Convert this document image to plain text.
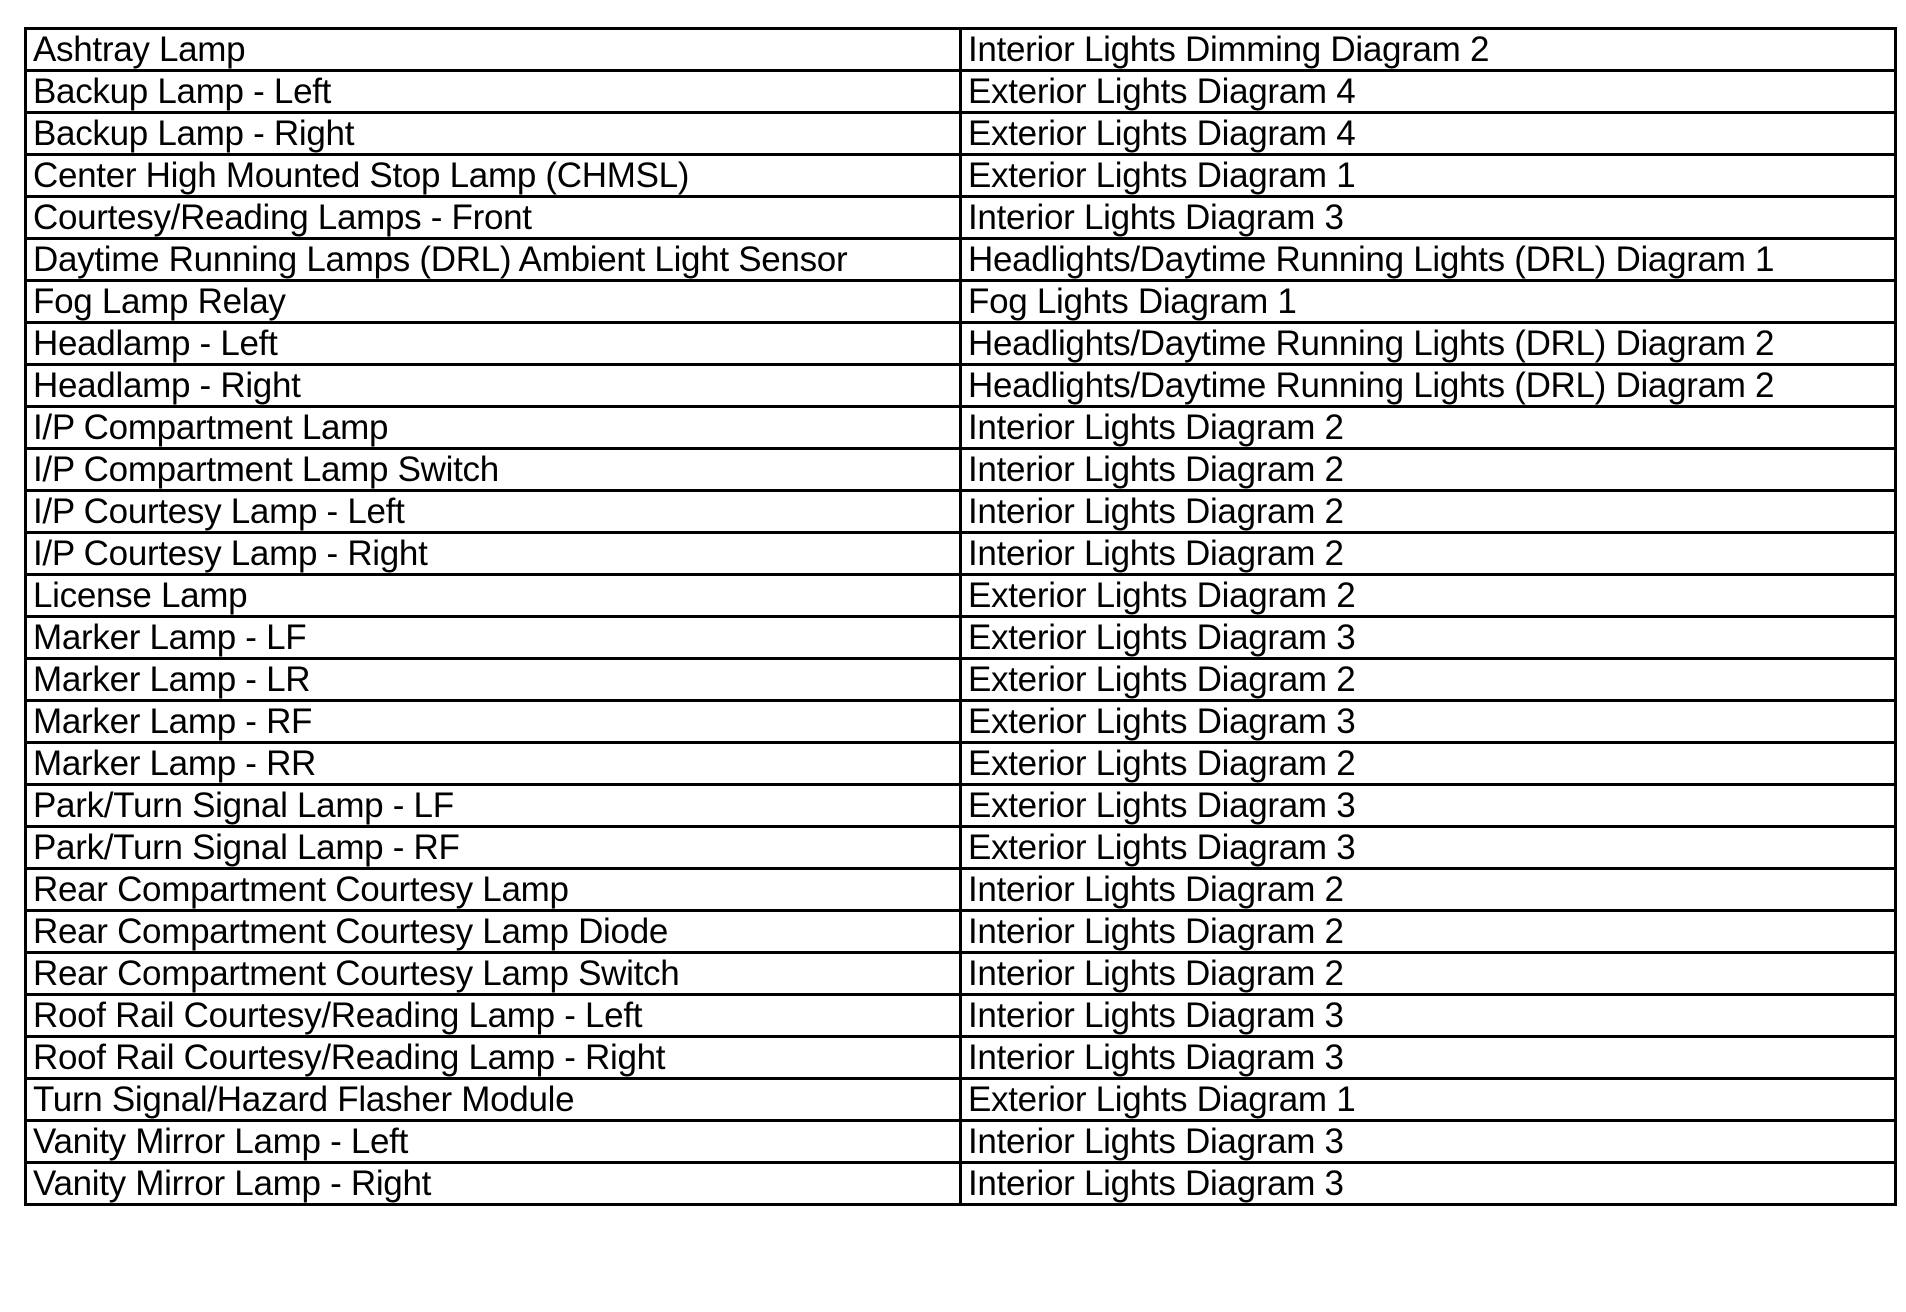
Ashtray Lamp	Interior Lights Dimming Diagram 2
Backup Lamp - Left	Exterior Lights Diagram 4
Backup Lamp - Right	Exterior Lights Diagram 4
Center High Mounted Stop Lamp (CHMSL)	Exterior Lights Diagram 1
Courtesy/Reading Lamps - Front	Interior Lights Diagram 3
Daytime Running Lamps (DRL) Ambient Light Sensor	Headlights/Daytime Running Lights (DRL) Diagram 1
Fog Lamp Relay	Fog Lights Diagram 1
Headlamp - Left	Headlights/Daytime Running Lights (DRL) Diagram 2
Headlamp - Right	Headlights/Daytime Running Lights (DRL) Diagram 2
I/P Compartment Lamp	Interior Lights Diagram 2
I/P Compartment Lamp Switch	Interior Lights Diagram 2
I/P Courtesy Lamp - Left	Interior Lights Diagram 2
I/P Courtesy Lamp - Right	Interior Lights Diagram 2
License Lamp	Exterior Lights Diagram 2
Marker Lamp - LF	Exterior Lights Diagram 3
Marker Lamp - LR	Exterior Lights Diagram 2
Marker Lamp - RF	Exterior Lights Diagram 3
Marker Lamp - RR	Exterior Lights Diagram 2
Park/Turn Signal Lamp - LF	Exterior Lights Diagram 3
Park/Turn Signal Lamp - RF	Exterior Lights Diagram 3
Rear Compartment Courtesy Lamp	Interior Lights Diagram 2
Rear Compartment Courtesy Lamp Diode	Interior Lights Diagram 2
Rear Compartment Courtesy Lamp Switch	Interior Lights Diagram 2
Roof Rail Courtesy/Reading Lamp - Left	Interior Lights Diagram 3
Roof Rail Courtesy/Reading Lamp - Right	Interior Lights Diagram 3
Turn Signal/Hazard Flasher Module	Exterior Lights Diagram 1
Vanity Mirror Lamp - Left	Interior Lights Diagram 3
Vanity Mirror Lamp - Right	Interior Lights Diagram 3
